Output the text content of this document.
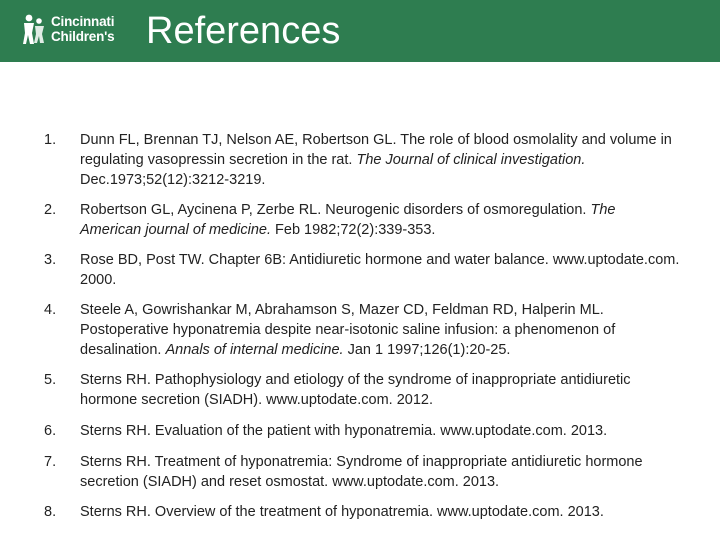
Cincinnati
Children's References
1.	Dunn FL, Brennan TJ, Nelson AE, Robertson GL. The role of blood osmolality and volume in regulating vasopressin secretion in the rat. The Journal of clinical investigation. Dec.1973;52(12):3212-3219.
2.	Robertson GL, Aycinena P, Zerbe RL. Neurogenic disorders of osmoregulation. The American journal of medicine. Feb 1982;72(2):339-353.
3.	Rose BD, Post TW. Chapter 6B: Antidiuretic hormone and water balance. www.uptodate.com. 2000.
4.	Steele A, Gowrishankar M, Abrahamson S, Mazer CD, Feldman RD, Halperin ML. Postoperative hyponatremia despite near-isotonic saline infusion: a phenomenon of desalination. Annals of internal medicine. Jan 1 1997;126(1):20-25.
5.	Sterns RH. Pathophysiology and etiology of the syndrome of inappropriate antidiuretic hormone secretion (SIADH). www.uptodate.com. 2012.
6.	Sterns RH. Evaluation of the patient with hyponatremia. www.uptodate.com. 2013.
7.	Sterns RH. Treatment of hyponatremia: Syndrome of inappropriate antidiuretic hormone secretion (SIADH) and reset osmostat. www.uptodate.com. 2013.
8.	Sterns RH. Overview of the treatment of hyponatremia. www.uptodate.com. 2013.
